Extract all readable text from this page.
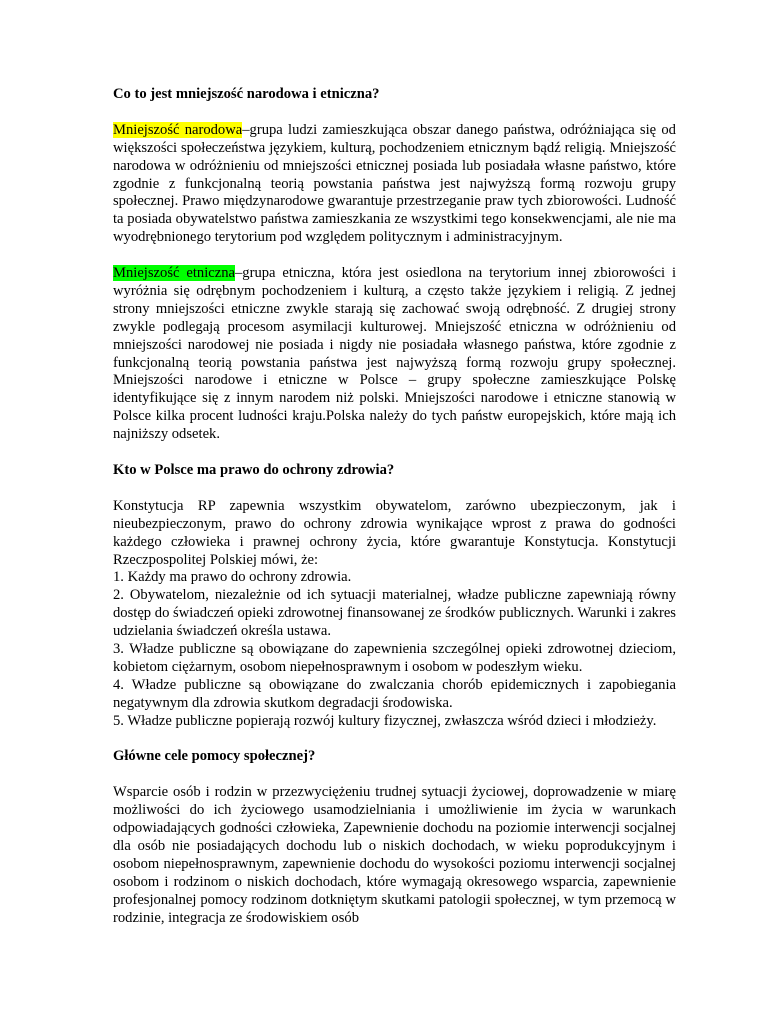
Co to jest mniejszość narodowa i etniczna?
Mniejszość narodowa–grupa ludzi zamieszkująca obszar danego państwa, odróżniająca się od większości społeczeństwa językiem, kulturą, pochodzeniem etnicznym bądź religią. Mniejszość narodowa w odróżnieniu od mniejszości etnicznej posiada lub posiadała własne państwo, które zgodnie z funkcjonalną teorią powstania państwa jest najwyższą formą rozwoju grupy społecznej. Prawo międzynarodowe gwarantuje przestrzeganie praw tych zbiorowości. Ludność ta posiada obywatelstwo państwa zamieszkania ze wszystkimi tego konsekwencjami, ale nie ma wyodrębnionego terytorium pod względem politycznym i administracyjnym.
Mniejszość etniczna–grupa etniczna, która jest osiedlona na terytorium innej zbiorowości i wyróżnia się odrębnym pochodzeniem i kulturą, a często także językiem i religią. Z jednej strony mniejszości etniczne zwykle starają się zachować swoją odrębność. Z drugiej strony zwykle podlegają procesom asymilacji kulturowej. Mniejszość etniczna w odróżnieniu od mniejszości narodowej nie posiada i nigdy nie posiadała własnego państwa, które zgodnie z funkcjonalną teorią powstania państwa jest najwyższą formą rozwoju grupy społecznej. Mniejszości narodowe i etniczne w Polsce – grupy społeczne zamieszkujące Polskę identyfikujące się z innym narodem niż polski. Mniejszości narodowe i etniczne stanowią w Polsce kilka procent ludności kraju.Polska należy do tych państw europejskich, które mają ich najniższy odsetek.
Kto w Polsce ma prawo do ochrony zdrowia?
Konstytucja RP zapewnia wszystkim obywatelom, zarówno ubezpieczonym, jak i nieubezpieczonym, prawo do ochrony zdrowia wynikające wprost z prawa do godności każdego człowieka i prawnej ochrony życia, które gwarantuje Konstytucja. Konstytucji Rzeczpospolitej Polskiej mówi, że:
1. Każdy ma prawo do ochrony zdrowia.
2. Obywatelom, niezależnie od ich sytuacji materialnej, władze publiczne zapewniają równy dostęp do świadczeń opieki zdrowotnej finansowanej ze środków publicznych. Warunki i zakres udzielania świadczeń określa ustawa.
3. Władze publiczne są obowiązane do zapewnienia szczególnej opieki zdrowotnej dzieciom, kobietom ciężarnym, osobom niepełnosprawnym i osobom w podeszłym wieku.
4. Władze publiczne są obowiązane do zwalczania chorób epidemicznych i zapobiegania negatywnym dla zdrowia skutkom degradacji środowiska.
5. Władze publiczne popierają rozwój kultury fizycznej, zwłaszcza wśród dzieci i młodzieży.
Główne cele pomocy społecznej?
Wsparcie osób i rodzin w przezwyciężeniu trudnej sytuacji życiowej, doprowadzenie w miarę możliwości do ich życiowego usamodzielniania i umożliwienie im życia w warunkach odpowiadających godności człowieka, Zapewnienie dochodu na poziomie interwencji socjalnej dla osób nie posiadających dochodu lub o niskich dochodach, w wieku poprodukcyjnym i osobom niepełnosprawnym, zapewnienie dochodu do wysokości poziomu interwencji socjalnej osobom i rodzinom o niskich dochodach, które wymagają okresowego wsparcia, zapewnienie profesjonalnej pomocy rodzinom dotkniętym skutkami patologii społecznej, w tym przemocą w rodzinie, integracja ze środowiskiem osób
